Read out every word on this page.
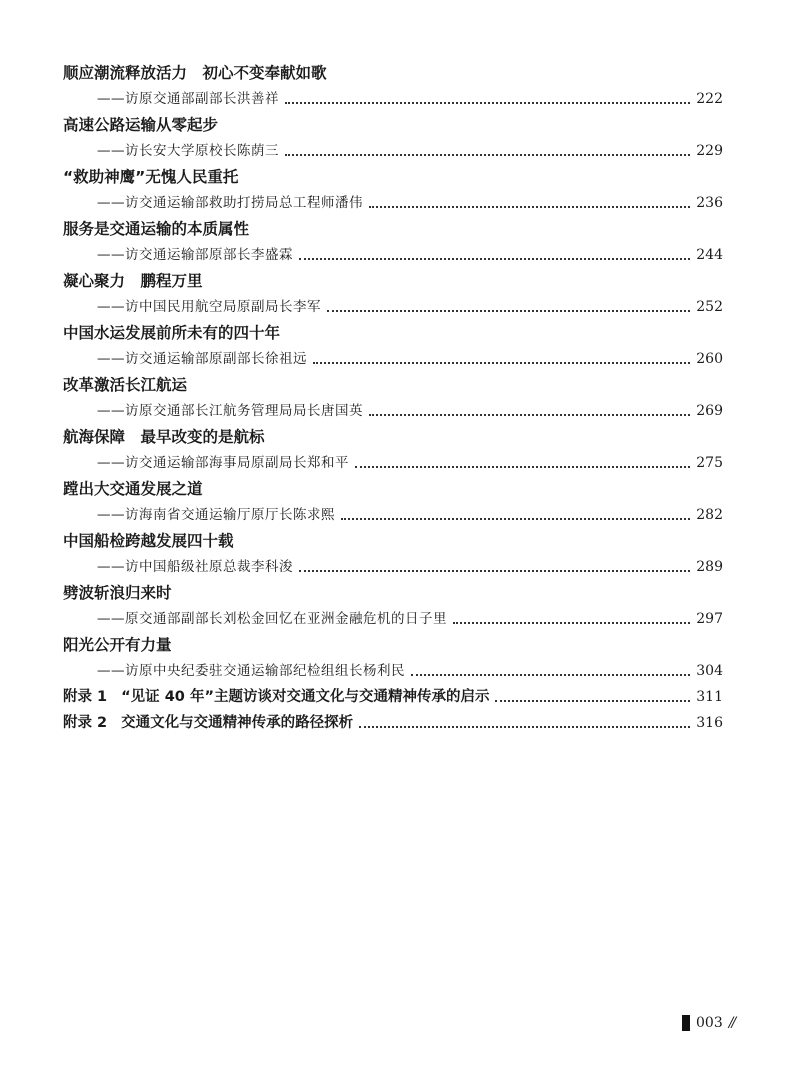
顺应潮流释放活力　初心不变奉献如歌
——访原交通部副部长洪善祥	222
高速公路运输从零起步
——访长安大学原校长陈荫三	229
“救助神鹰”无愧人民重托
——访交通运输部救助打捞局总工程师潘伟	236
服务是交通运输的本质属性
——访交通运输部原部长李盛霖	244
凝心聚力　鹏程万里
——访中国民用航空局原副局长李军	252
中国水运发展前所未有的四十年
——访交通运输部原副部长徐祖远	260
改革激活长江航运
——访原交通部长江航务管理局局长唐国英	269
航海保障　最早改变的是航标
——访交通运输部海事局原副局长郑和平	275
蹚出大交通发展之道
——访海南省交通运输厅原厅长陈求熙	282
中国船检跨越发展四十载
——访中国船级社原总裁李科浚	289
劈波斩浪归来时
——原交通部副部长刘松金回忆在亚洲金融危机的日子里	297
阳光公开有力量
——访原中央纪委驻交通运输部纪检组组长杨利民	304
附录 1 “见证 40 年”主题访谈对交通文化与交通精神传承的启示	311
附录 2 交通文化与交通精神传承的路径探析	316
003 //
